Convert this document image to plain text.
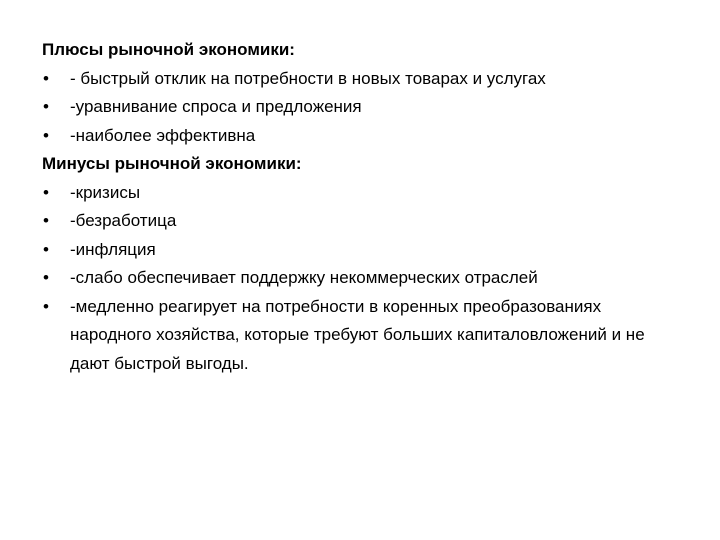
Плюсы рыночной экономики:

•	- быстрый отклик на потребности в новых товарах и услугах
•	-уравнивание спроса и предложения
•	-наиболее эффективна

Минусы рыночной экономики:

•	-кризисы
•	-безработица
•	-инфляция
•	-слабо обеспечивает поддержку некоммерческих отраслей
•	-медленно реагирует на потребности в коренных преобразованиях народного хозяйства, которые требуют больших капиталовложений и не дают быстрой выгоды.
